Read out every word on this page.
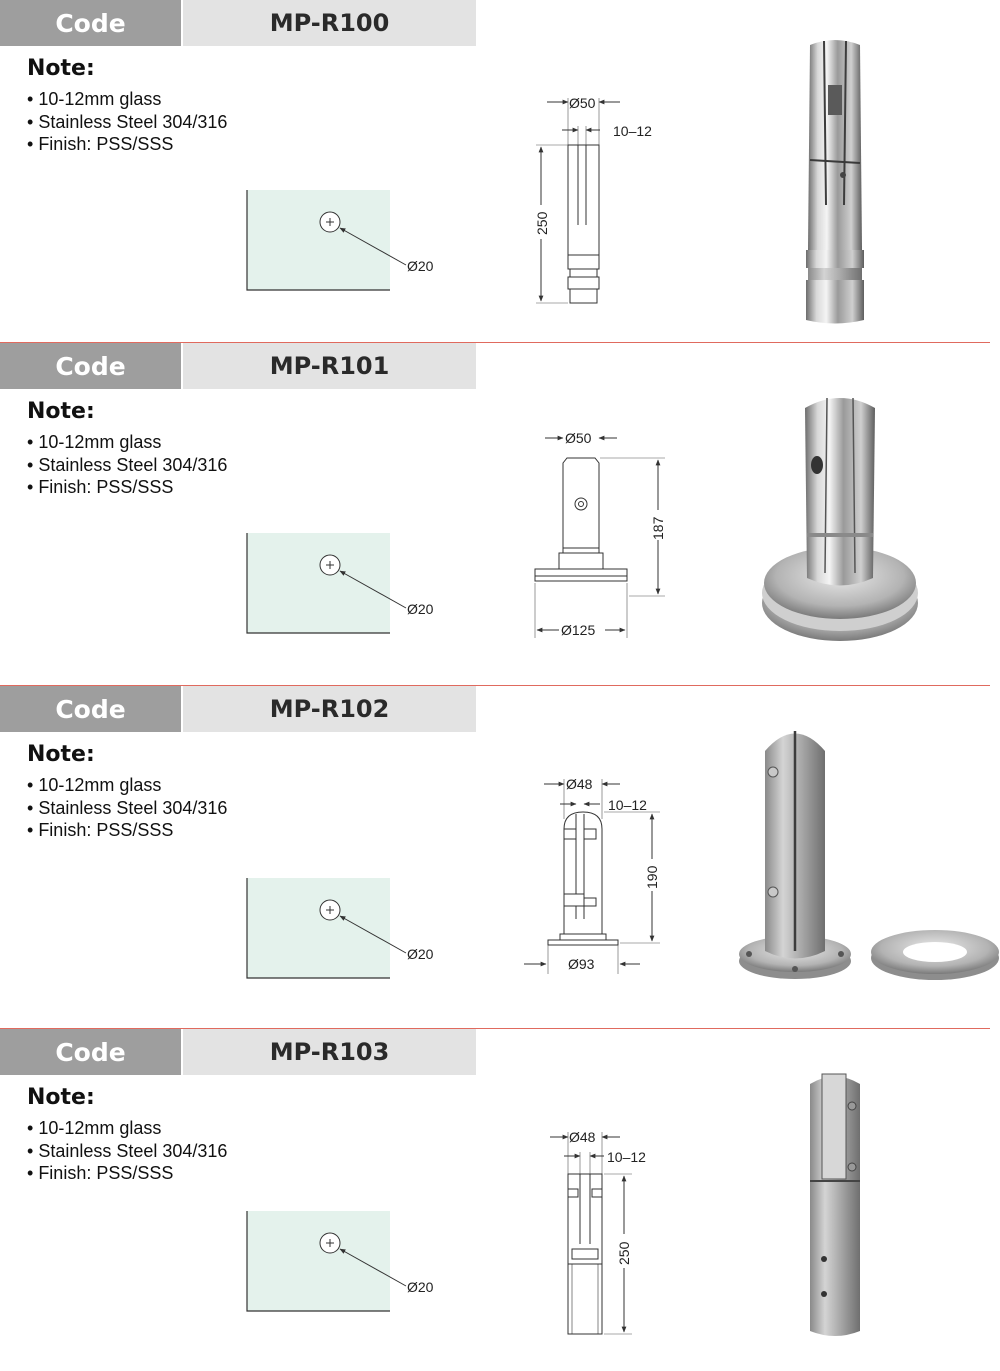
Code	MP-R100
Note:
• 10-12mm glass
• Stainless Steel 304/316
• Finish: PSS/SSS
Ø20
Ø50
10–12
250
Code	MP-R101
Note:
• 10-12mm glass
• Stainless Steel 304/316
• Finish: PSS/SSS
Ø20
Ø50
187
Ø125
Code	MP-R102
Note:
• 10-12mm glass
• Stainless Steel 304/316
• Finish: PSS/SSS
Ø20
Ø48
10–12
190
Ø93
Code	MP-R103
Note:
• 10-12mm glass
• Stainless Steel 304/316
• Finish: PSS/SSS
Ø20
Ø48
10–12
250
